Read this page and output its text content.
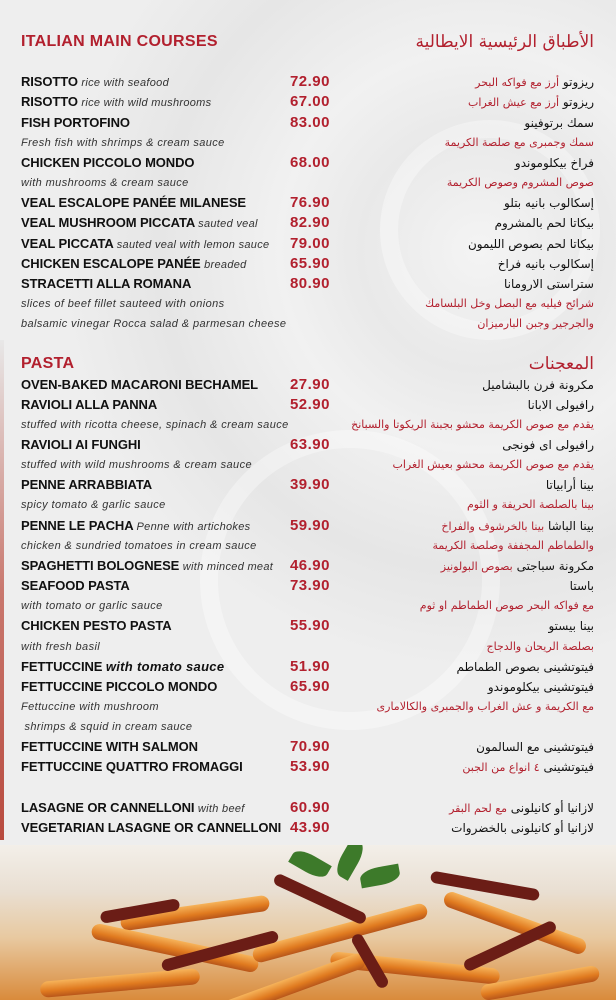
ITALIAN MAIN COURSES	الأطباق الرئيسية الايطالية
RISOTTO rice with seafood	72.90	ريزوتو أرز مع فواكه البحر
RISOTTO rice with wild mushrooms	67.00	ريزوتو أرز مع عيش الغراب
FISH PORTOFINO	83.00	سمك برتوفينو
Fresh fish with shrimps & cream sauce	سمك وجمبرى مع صلصة الكريمة
CHICKEN PICCOLO MONDO	68.00	فراخ بيكلوموندو
with mushrooms & cream sauce	صوص المشروم وصوص الكريمة
VEAL ESCALOPE PANÉE MILANESE	76.90	إسكالوب بانيه بتلو
VEAL MUSHROOM PICCATA sauted veal 82.90	بيكاتا لحم بالمشروم
VEAL PICCATA sauted veal with lemon sauce 79.00	بيكاتا لحم بصوص الليمون
CHICKEN ESCALOPE PANÉE breaded	65.90	إسكالوب بانيه فراخ
STRACETTI ALLA ROMANA	80.90	ستراستى الارومانا
slices of beef fillet sauteed with onions	شرائح فيليه مع البصل وخل البلسامك
balsamic vinegar Rocca salad & parmesan cheese	والجرجير وجبن البارميزان
PASTA	المعجنات
OVEN-BAKED MACARONI BECHAMEL 27.90	مكرونة فرن بالبشاميل
RAVIOLI ALLA PANNA	52.90	رافيولى الابانا
stuffed with ricotta cheese, spinach & cream sauce	يقدم مع صوص الكريمة محشو بجبنة الريكوتا والسبانخ
RAVIOLI AI FUNGHI	63.90	رافيولى اى فونجى
stuffed with wild mushrooms & cream sauce	يقدم مع صوص الكريمة محشو بعيش الغراب
PENNE ARRABBIATA	39.90	بينا أرابياتا
spicy tomato & garlic sauce	بينا بالصلصة الحريفة و الثوم
PENNE LE PACHA Penne with artichokes	59.90	بينا الباشا بينا بالخرشوف والفراخ
chicken & sundried tomatoes in cream sauce	والطماطم المجففة وصلصة الكريمة
SPAGHETTI BOLOGNESE with minced meat 46.90	مكرونة سباجتى بصوص البولونيز
SEAFOOD PASTA	73.90	باستا
with tomato or garlic sauce	مع فواكه البحر صوص الطماطم او ثوم
CHICKEN PESTO PASTA	55.90	بينا بيستو
with fresh basil	بصلصة الريحان والدجاج
FETTUCCINE with tomato sauce	51.90	فيتوتشينى بصوص الطماطم
FETTUCCINE PICCOLO MONDO	65.90	فيتوتشينى بيكلوموندو
Fettuccine with mushroom	مع الكريمة و عش الغراب والجمبرى والكالامارى
shrimps & squid in cream sauce
FETTUCCINE WITH SALMON	70.90	فيتوتشينى مع السالمون
FETTUCCINE QUATTRO FROMAGGI	53.90	فيتوتشينى ٤ انواع من الجبن
LASAGNE OR CANNELLONI with beef	60.90	لازانيا أو كانيلونى مع لحم البقر
VEGETARIAN LASAGNE OR CANNELLONI 43.90	لازانيا أو كانيلونى بالخضروات
